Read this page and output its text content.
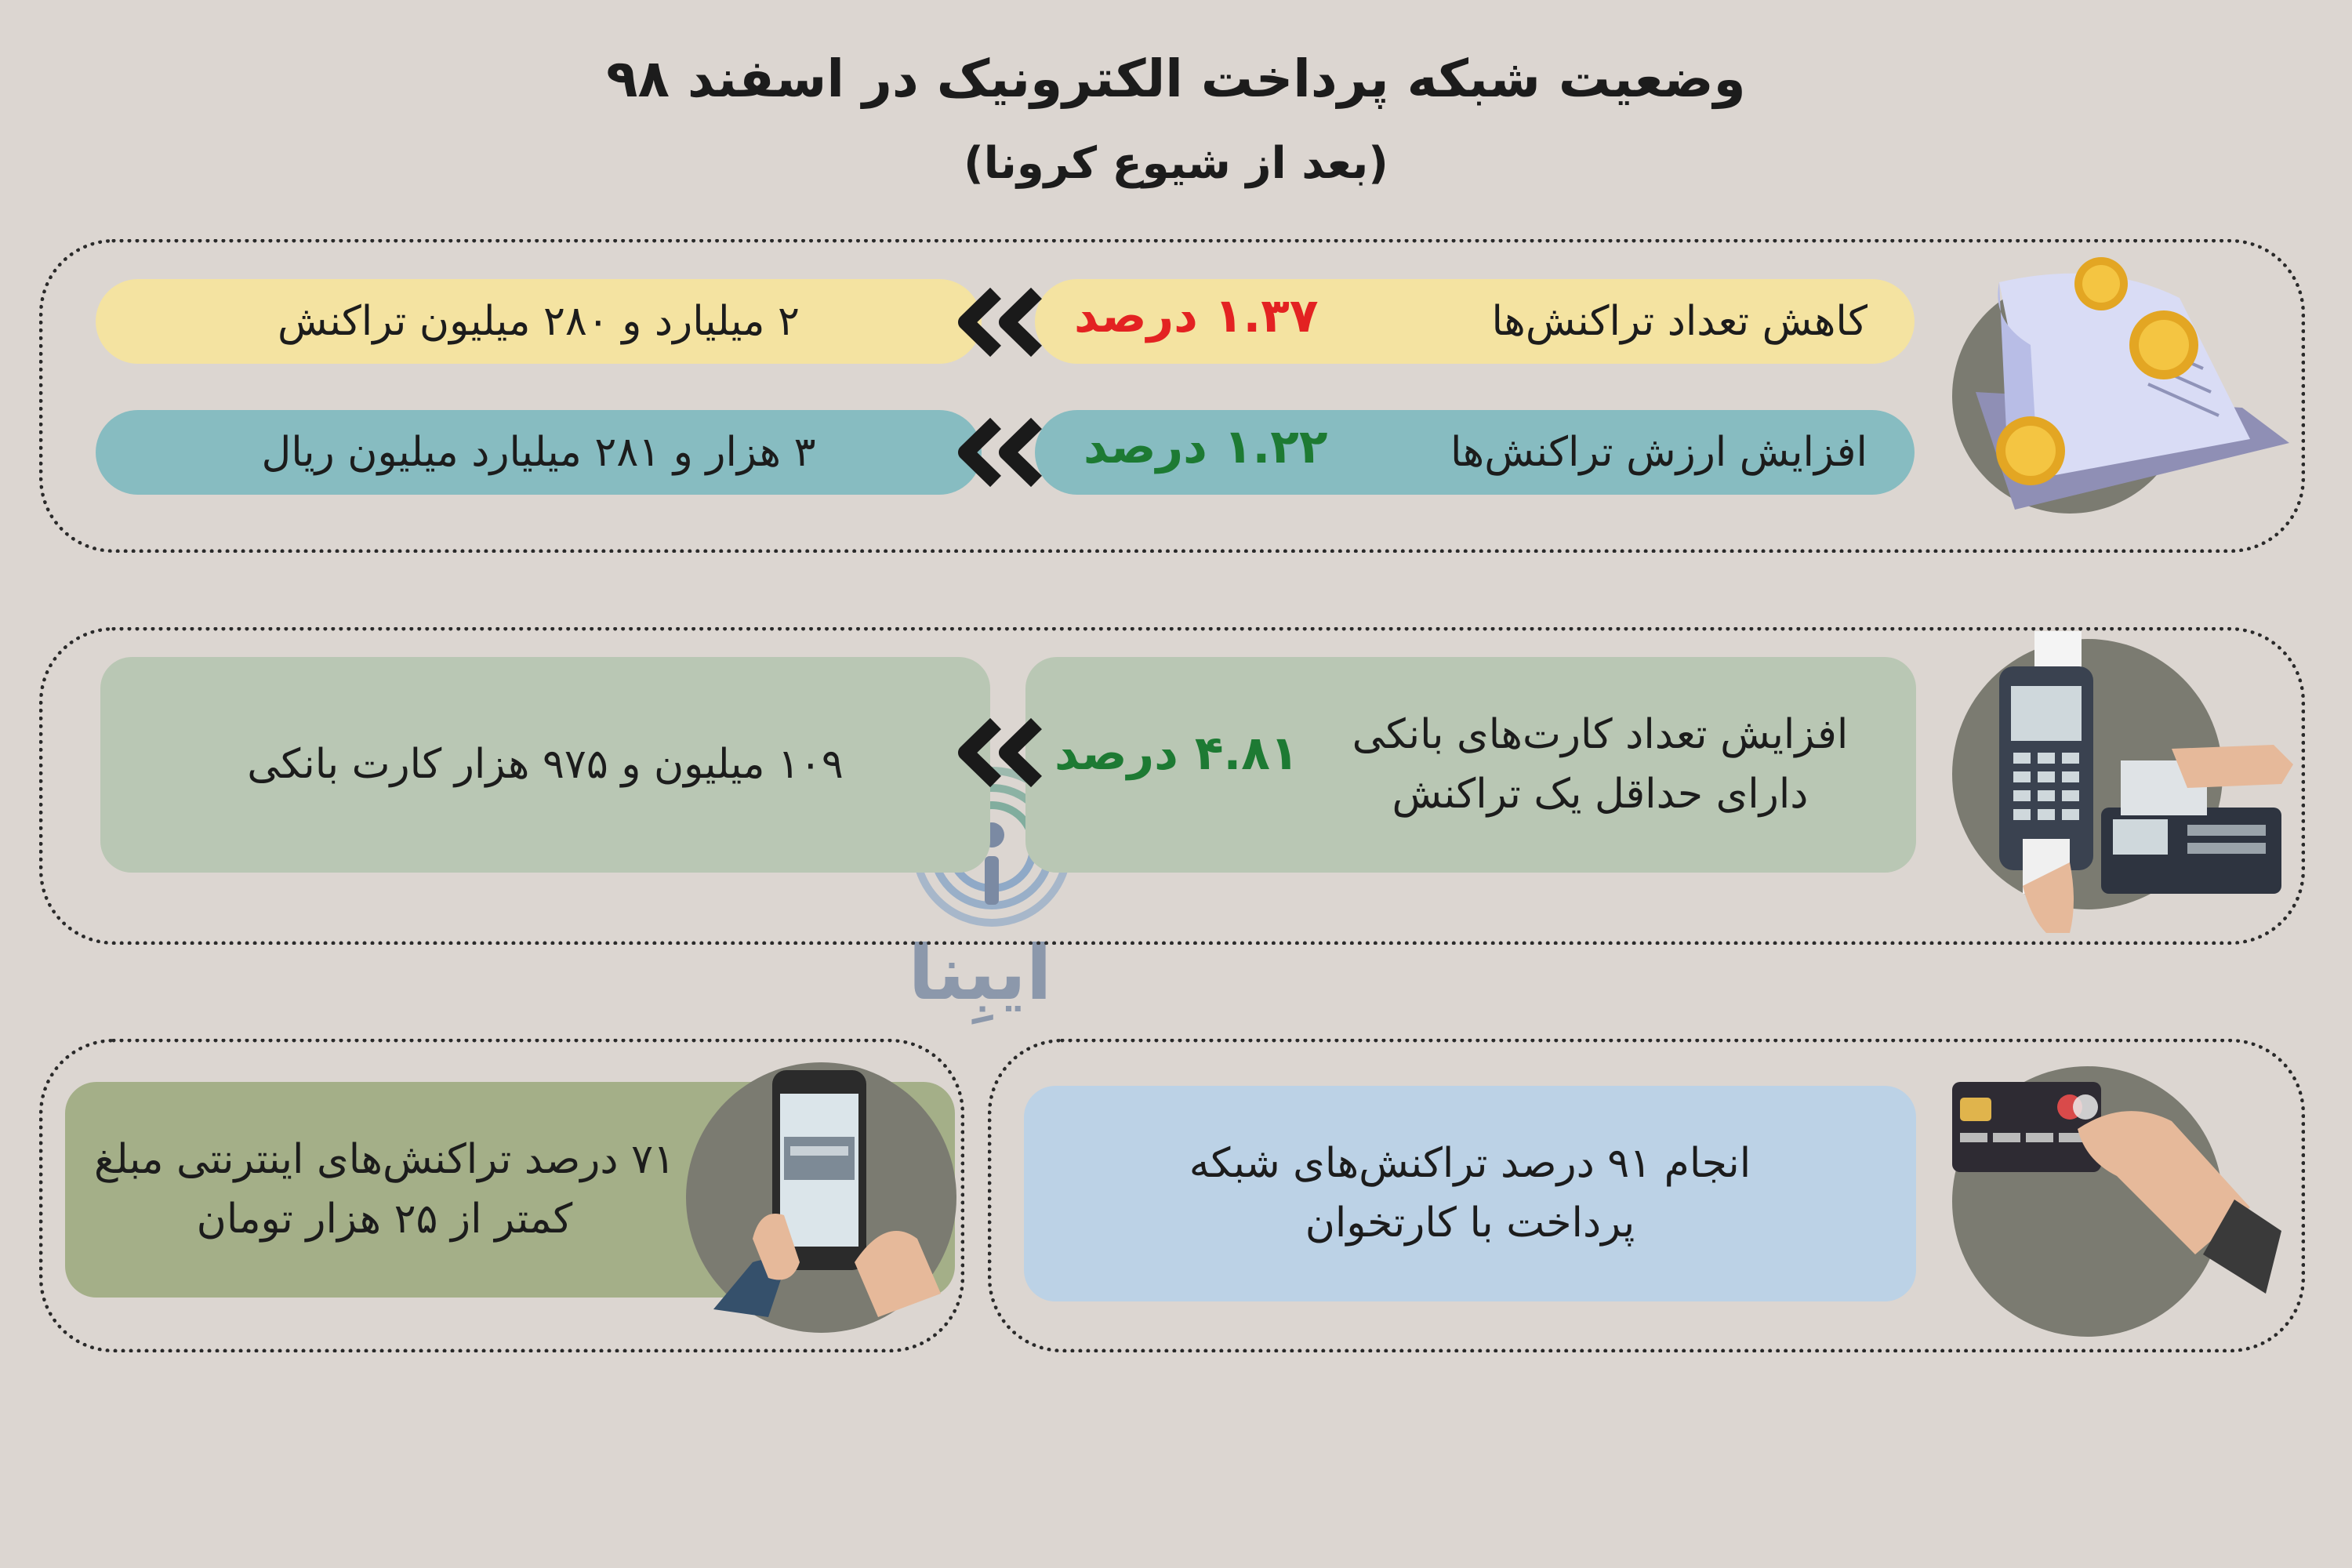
وضعیت شبکه پرداخت الکترونیک در اسفند ۹۸
(بعد از شیوع کرونا)
ایبِنا
کاهش تعداد تراکنش‌ها
۱.۳۷ درصد
۲ میلیارد و ۲۸۰ میلیون تراکنش
افزایش ارزش تراکنش‌ها
۱.۲۲ درصد
۳ هزار و ۲۸۱ میلیارد میلیون ریال
افزایش تعداد کارت‌های بانکی دارای حداقل یک تراکنش
۴.۸۱ درصد
۱۰۹ میلیون و ۹۷۵ هزار کارت بانکی
۷۱ درصد تراکنش‌های اینترنتی مبلغ کمتر از ۲۵ هزار تومان
انجام ۹۱ درصد تراکنش‌های شبکه پرداخت با کارتخوان
